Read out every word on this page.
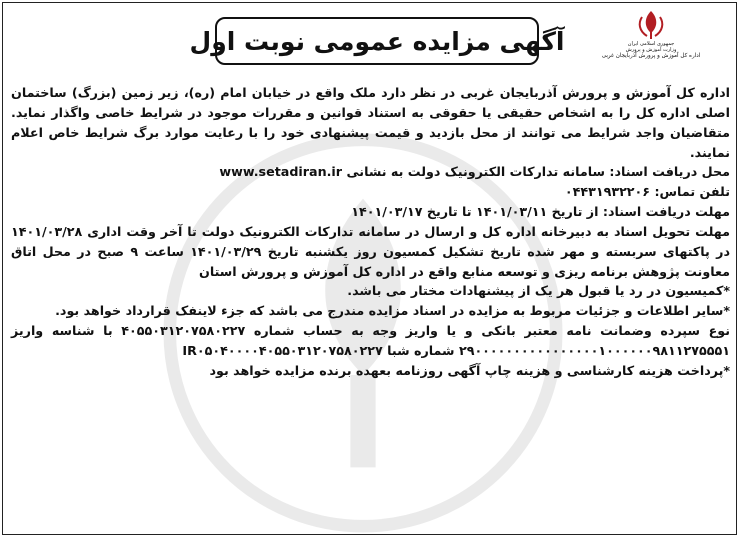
آگهی مزایده عمومی نوبت اول	جمهوری اسلامی ایران
وزارت آموزش و پرورش
اداره کل آموزش و پرورش آذربایجان غربی

اداره کل آموزش و پرورش آذربایجان غربی در نظر دارد ملک واقع در خیابان امام (ره)، زیر زمین (بزرگ) ساختمان اصلی اداره کل را به اشخاص حقیقی یا حقوقی به استناد قوانین و مقررات موجود در شرایط خاصی واگذار نماید. متقاضیان واجد شرایط می توانند از محل بازدید و قیمت پیشنهادی خود را با رعایت موارد برگ شرایط خاص اعلام نمایند.

محل دریافت اسناد: سامانه تدارکات الکترونیک دولت به نشانی www.setadiran.ir

تلفن تماس: ۰۴۴۳۱۹۳۲۲۰۶

مهلت دریافت اسناد: از تاریخ ۱۴۰۱/۰۳/۱۱ تا تاریخ ۱۴۰۱/۰۳/۱۷

مهلت تحویل اسناد به دبیرخانه اداره کل و ارسال در سامانه تدارکات الکترونیک دولت تا آخر وقت اداری ۱۴۰۱/۰۳/۲۸ در پاکتهای سربسته و مهر شده تاریخ تشکیل کمسیون روز یکشنبه تاریخ ۱۴۰۱/۰۳/۲۹ ساعت ۹ صبح در محل اتاق معاونت پژوهش برنامه ریزی و توسعه منابع واقع در اداره کل آموزش و پرورش استان

*کمیسیون در رد یا قبول هر یک از پیشنهادات مختار می باشد.

*سایر اطلاعات و جزئیات مربوط به مزایده در اسناد مزایده مندرج می باشد که جزء لاینفک قرارداد خواهد بود.

نوع سپرده وضمانت نامه معتبر بانکی و یا واریز وجه به حساب شماره ۴۰۵۵۰۳۱۲۰۷۵۸۰۲۲۷ با شناسه واریز ۲۹۰۰۰۰۰۰۰۰۰۰۰۰۰۰۰۰۱۰۰۰۰۰۰۹۸۱۱۲۷۵۵۵۱ شماره شبا IR۰۵۰۴۰۰۰۰۴۰۵۵۰۳۱۲۰۷۵۸۰۲۲۷

*پرداخت هزینه کارشناسی و هزینه چاپ آگهی روزنامه بعهده برنده مزایده خواهد بود
